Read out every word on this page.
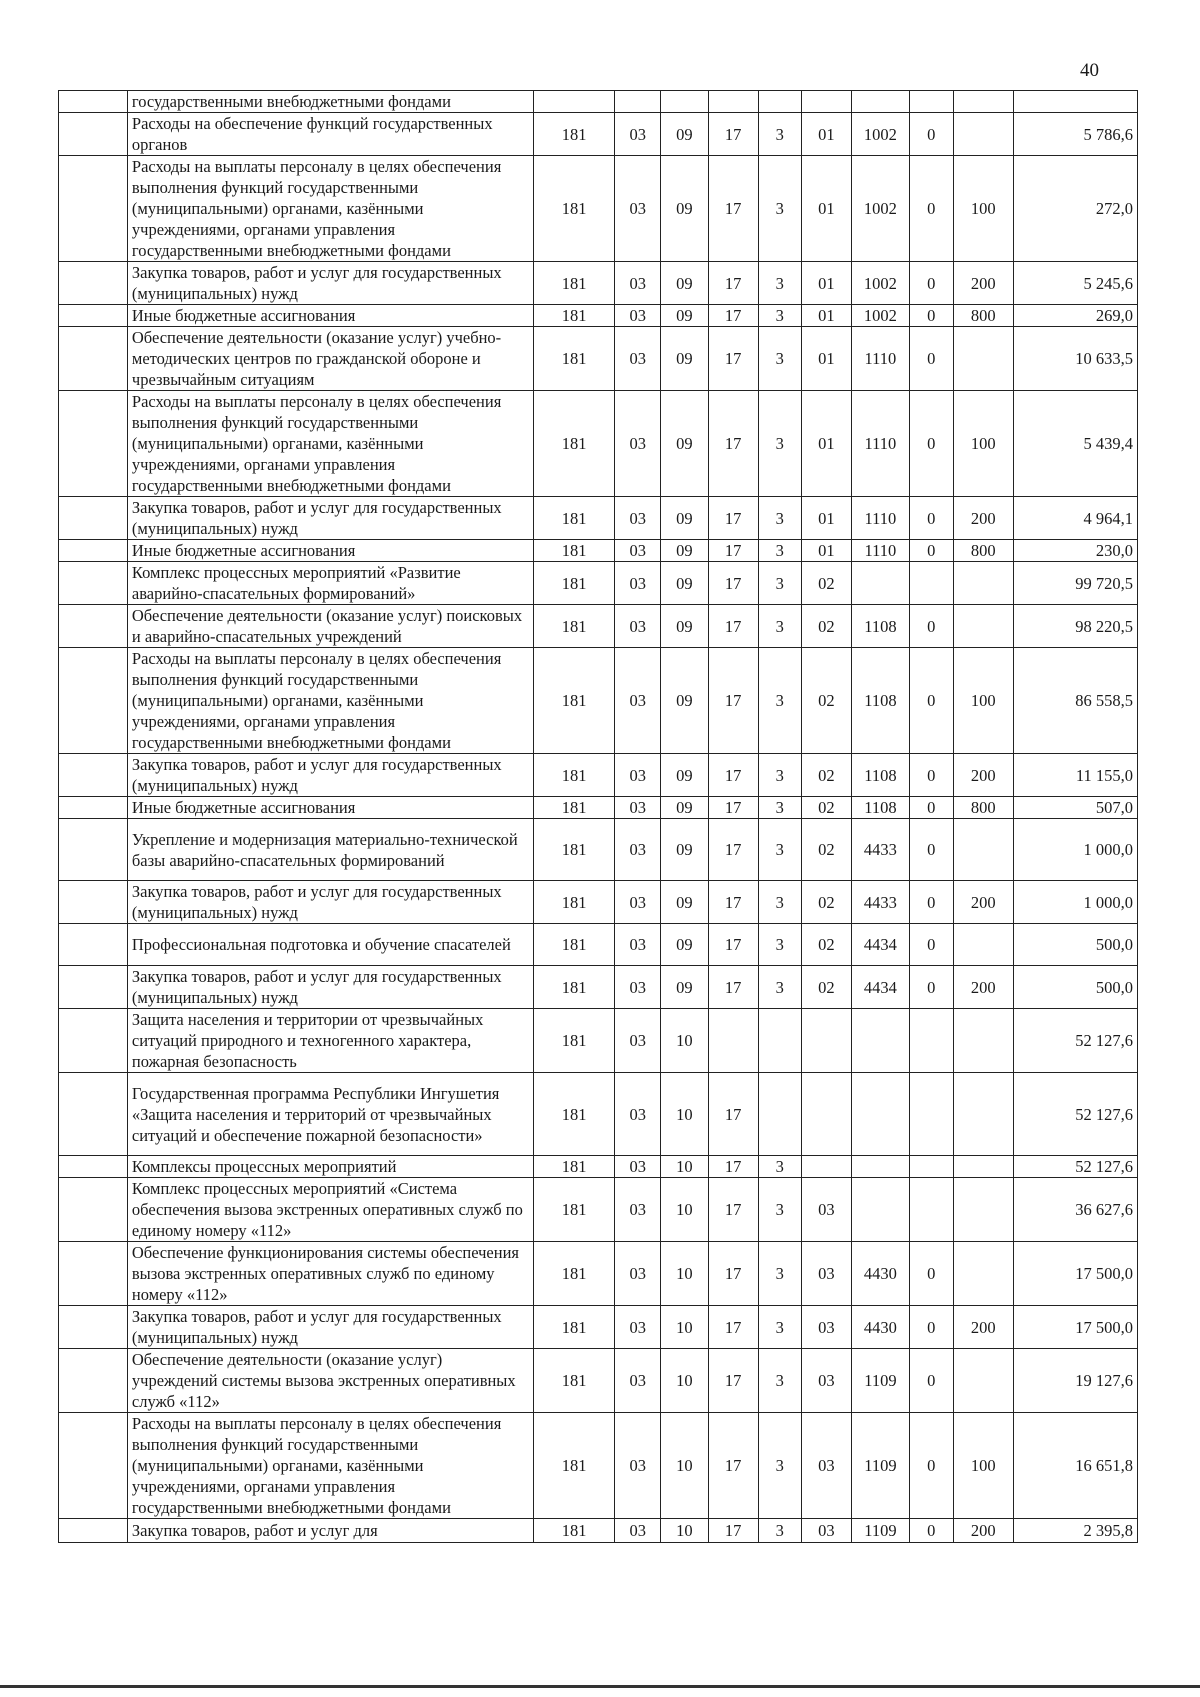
40
	государственными внебюджетными фондами										
	Расходы на обеспечение функций государственных органов	181	03	09	17	3	01	1002	0		5 786,6
	Расходы на выплаты персоналу в целях обеспечения выполнения функций государственными (муниципальными) органами, казёнными учреждениями, органами управления государственными внебюджетными фондами	181	03	09	17	3	01	1002	0	100	272,0
	Закупка товаров, работ и услуг для государственных (муниципальных) нужд	181	03	09	17	3	01	1002	0	200	5 245,6
	Иные бюджетные ассигнования	181	03	09	17	3	01	1002	0	800	269,0
	Обеспечение деятельности (оказание услуг) учебно-методических центров по гражданской обороне и чрезвычайным ситуациям	181	03	09	17	3	01	1110	0		10 633,5
	Расходы на выплаты персоналу в целях обеспечения выполнения функций государственными (муниципальными) органами, казёнными учреждениями, органами управления государственными внебюджетными фондами	181	03	09	17	3	01	1110	0	100	5 439,4
	Закупка товаров, работ и услуг для государственных (муниципальных) нужд	181	03	09	17	3	01	1110	0	200	4 964,1
	Иные бюджетные ассигнования	181	03	09	17	3	01	1110	0	800	230,0
	Комплекс процессных мероприятий «Развитие аварийно-спасательных формирований»	181	03	09	17	3	02				99 720,5
	Обеспечение деятельности (оказание услуг) поисковых и аварийно-спасательных учреждений	181	03	09	17	3	02	1108	0		98 220,5
	Расходы на выплаты персоналу в целях обеспечения выполнения функций государственными (муниципальными) органами, казёнными учреждениями, органами управления государственными внебюджетными фондами	181	03	09	17	3	02	1108	0	100	86 558,5
	Закупка товаров, работ и услуг для государственных (муниципальных) нужд	181	03	09	17	3	02	1108	0	200	11 155,0
	Иные бюджетные ассигнования	181	03	09	17	3	02	1108	0	800	507,0
	Укрепление и модернизация материально-технической базы аварийно-спасательных формирований	181	03	09	17	3	02	4433	0		1 000,0
	Закупка товаров, работ и услуг для государственных (муниципальных) нужд	181	03	09	17	3	02	4433	0	200	1 000,0
	Профессиональная подготовка и обучение спасателей	181	03	09	17	3	02	4434	0		500,0
	Закупка товаров, работ и услуг для государственных (муниципальных) нужд	181	03	09	17	3	02	4434	0	200	500,0
	Защита населения и территории от чрезвычайных ситуаций природного и техногенного характера, пожарная безопасность	181	03	10							52 127,6
	Государственная программа Республики Ингушетия «Защита населения и территорий от чрезвычайных ситуаций и обеспечение пожарной безопасности»	181	03	10	17						52 127,6
	Комплексы процессных мероприятий	181	03	10	17	3					52 127,6
	Комплекс процессных мероприятий «Система обеспечения вызова экстренных оперативных служб по единому номеру «112»	181	03	10	17	3	03				36 627,6
	Обеспечение функционирования системы обеспечения вызова экстренных оперативных служб по единому номеру «112»	181	03	10	17	3	03	4430	0		17 500,0
	Закупка товаров, работ и услуг для государственных (муниципальных) нужд	181	03	10	17	3	03	4430	0	200	17 500,0
	Обеспечение деятельности (оказание услуг) учреждений системы вызова экстренных оперативных служб «112»	181	03	10	17	3	03	1109	0		19 127,6
	Расходы на выплаты персоналу в целях обеспечения выполнения функций государственными (муниципальными) органами, казёнными учреждениями, органами управления государственными внебюджетными фондами	181	03	10	17	3	03	1109	0	100	16 651,8
	Закупка товаров, работ и услуг для	181	03	10	17	3	03	1109	0	200	2 395,8
